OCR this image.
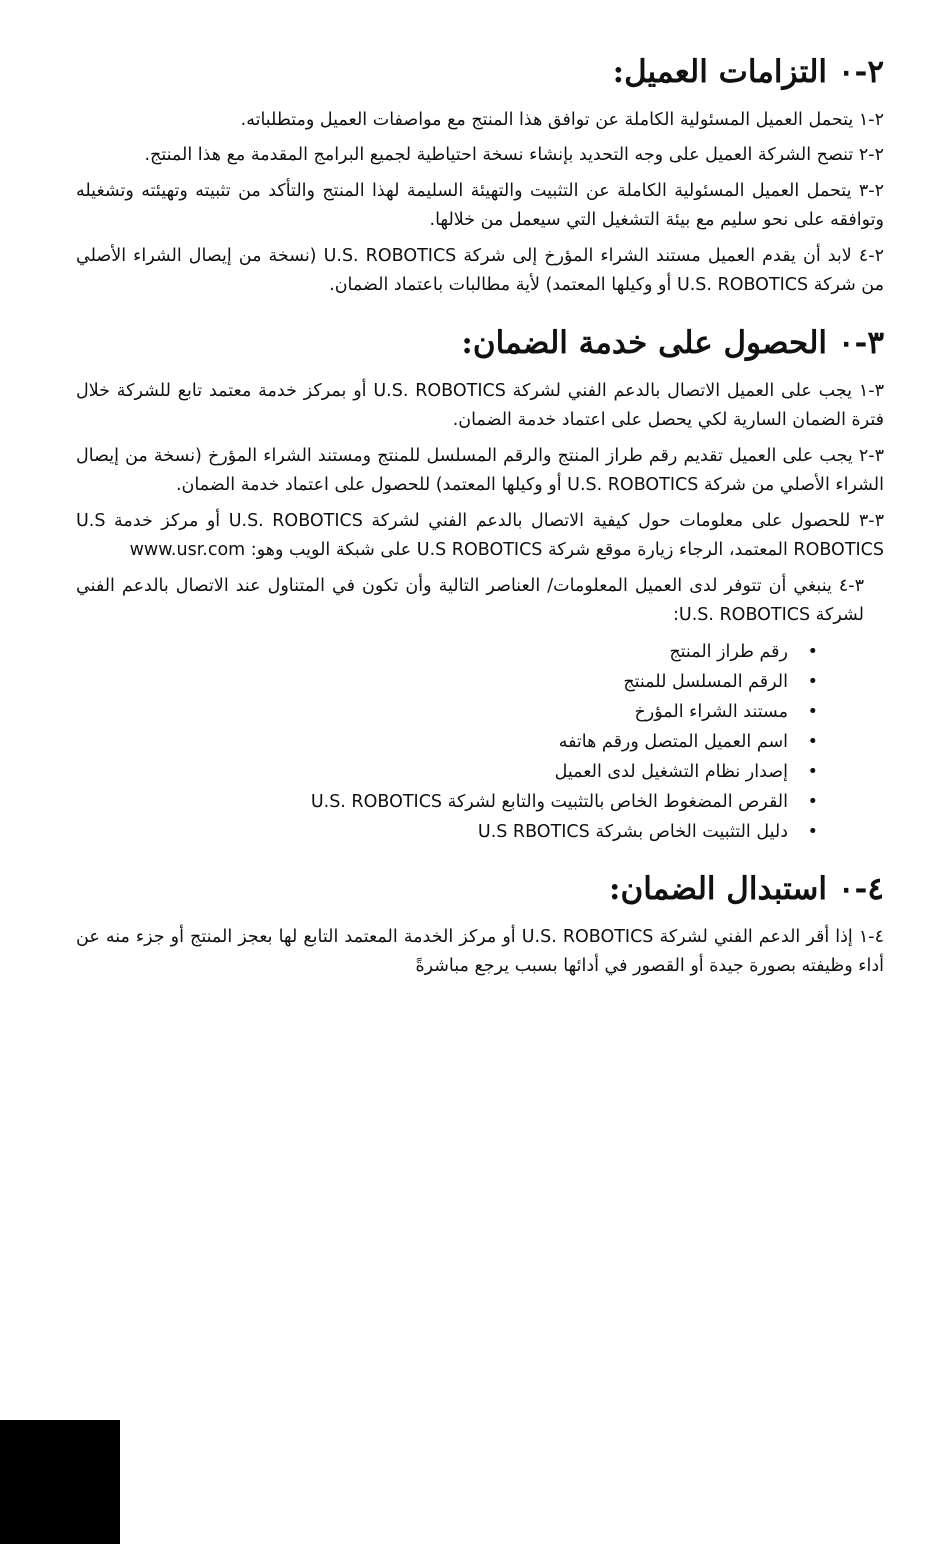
٢-٠ التزامات العميل:

٢-١ يتحمل العميل المسئولية الكاملة عن توافق هذا المنتج مع مواصفات العميل ومتطلباته.

٢-٢ تنصح الشركة العميل على وجه التحديد بإنشاء نسخة احتياطية لجميع البرامج المقدمة مع هذا المنتج.

٢-٣ يتحمل العميل المسئولية الكاملة عن التثبيت والتهيئة السليمة لهذا المنتج والتأكد من تثبيته وتهيئته وتشغيله وتوافقه على نحو سليم مع بيئة التشغيل التي سيعمل من خلالها.

٢-٤ لابد أن يقدم العميل مستند الشراء المؤرخ إلى شركة U.S. ROBOTICS (نسخة من إيصال الشراء الأصلي من شركة U.S. ROBOTICS أو وكيلها المعتمد) لأية مطالبات باعتماد الضمان.

٣-٠ الحصول على خدمة الضمان:

٣-١ يجب على العميل الاتصال بالدعم الفني لشركة U.S. ROBOTICS أو بمركز خدمة معتمد تابع للشركة خلال فترة الضمان السارية لكي يحصل على اعتماد خدمة الضمان.

٣-٢ يجب على العميل تقديم رقم طراز المنتج والرقم المسلسل للمنتج ومستند الشراء المؤرخ (نسخة من إيصال الشراء الأصلي من شركة U.S. ROBOTICS أو وكيلها المعتمد) للحصول على اعتماد خدمة الضمان.

٣-٣ للحصول على معلومات حول كيفية الاتصال بالدعم الفني لشركة U.S. ROBOTICS أو مركز خدمة U.S ROBOTICS المعتمد، الرجاء زيارة موقع شركة U.S ROBOTICS على شبكة الويب وهو: www.usr.com

٣-٤ ينبغي أن تتوفر لدى العميل المعلومات/ العناصر التالية وأن تكون في المتناول عند الاتصال بالدعم الفني لشركة U.S. ROBOTICS:

•
رقم طراز المنتج
•
الرقم المسلسل للمنتج
•
مستند الشراء المؤرخ
•
اسم العميل المتصل ورقم هاتفه
•
إصدار نظام التشغيل لدى العميل
•
القرص المضغوط الخاص بالتثبيت والتابع لشركة U.S. ROBOTICS
•
دليل التثبيت الخاص بشركة U.S RBOTICS
٤-٠ استبدال الضمان:

٤-١ إذا أقر الدعم الفني لشركة U.S. ROBOTICS أو مركز الخدمة المعتمد التابع لها بعجز المنتج أو جزء منه عن أداء وظيفته بصورة جيدة أو القصور في أدائها بسبب يرجع مباشرةً
